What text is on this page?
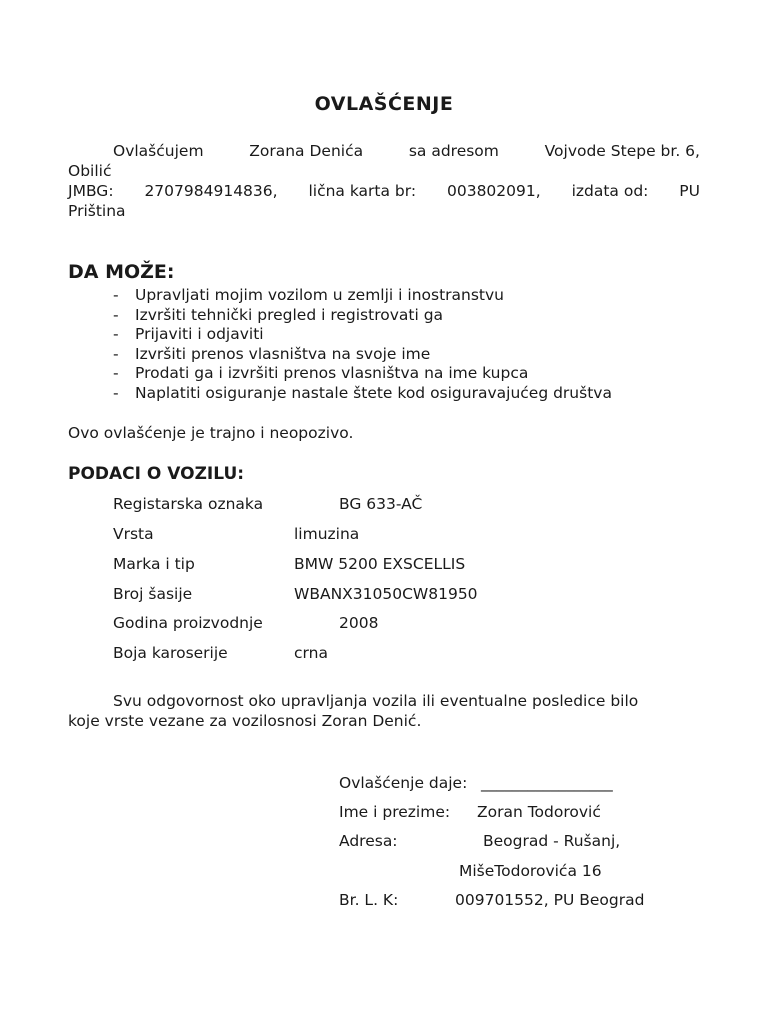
OVLAŠĆENJE
Ovlašćujem	Zorana Denića	sa adresom	Vojvode Stepe br. 6,
Obilić
JMBG: 2707984914836, lična karta br: 003802091, izdata od: PU
Priština
DA MOŽE:
- Upravljati mojim vozilom u zemlji i inostranstvu
- Izvršiti tehnički pregled i registrovati ga
- Prijaviti i odjaviti
- Izvršiti prenos vlasništva na svoje ime
- Prodati ga i izvršiti prenos vlasništva na ime kupca
- Naplatiti osiguranje nastale štete kod osiguravajućeg društva
Ovo ovlašćenje je trajno i neopozivo.
PODACI O VOZILU:
Registarska oznaka	BG 633-AČ
Vrsta	limuzina
Marka i tip	BMW 5200 EXSCELLIS
Broj šasije	WBANX31050CW81950
Godina proizvodnje	2008
Boja karoserije	crna
Svu odgovornost oko upravljanja vozila ili eventualne posledice bilo
koje vrste vezane za vozilosnosi Zoran Denić.
Ovlašćenje daje: _________________
Ime i prezime: Zoran Todorović
Adresa:	Beograd - Rušanj,
MišeTodorovića 16
Br. L. K:	009701552, PU Beograd
